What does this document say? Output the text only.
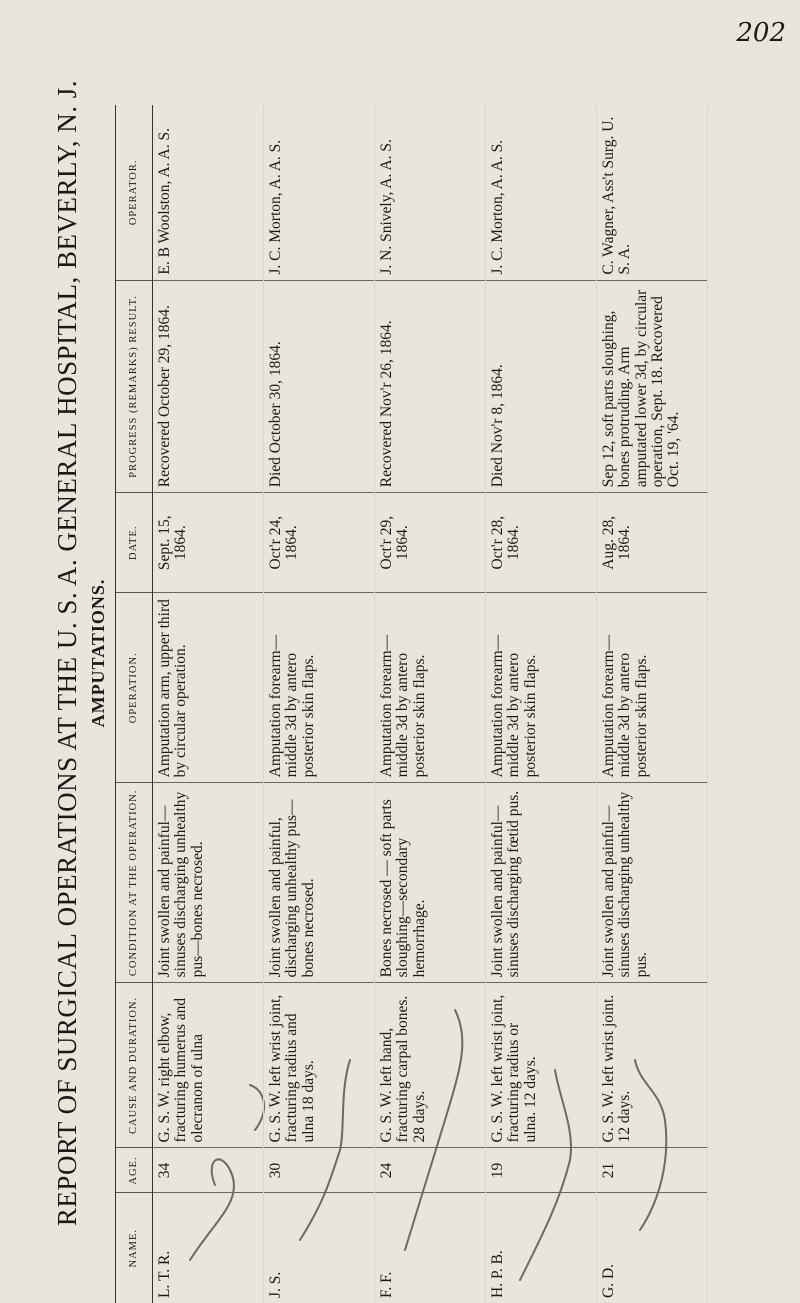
202
REPORT OF SURGICAL OPERATIONS AT THE U. S. A. GENERAL HOSPITAL, BEVERLY, N. J. AMPUTATIONS.
NAME.	AGE.	CAUSE AND DURATION.	CONDITION AT THE OPERATION.	OPERATION.	DATE.	PROGRESS (REMARKS) RESULT.	OPERATOR.
L. T. R.	34	G. S. W. right elbow, fracturing humerus and olecranon of ulna	Joint swollen and painful—sinuses discharging unhealthy pus—bones necrosed.	Amputation arm, upper third by circular operation.	Sept. 15, 1864.	Recovered October 29, 1864.	E. B Woolston, A. A. S.
J. S.	30	G. S. W. left wrist joint, fracturing radius and ulna 18 days.	Joint swollen and painful, discharging unhealthy pus—bones necrosed.	Amputation forearm—middle 3d by antero posterior skin flaps.	Oct'r 24, 1864.	Died October 30, 1864.	J. C. Morton, A. A. S.
F. F.	24	G. S. W. left hand, fracturing carpal bones. 28 days.	Bones necrosed — soft parts sloughing—secondary hemorrhage.	Amputation forearm—middle 3d by antero posterior skin flaps.	Oct'r 29, 1864.	Recovered Nov'r 26, 1864.	J. N. Snively, A. A. S.
H. P. B.	19	G. S. W. left wrist joint, fracturing radius or ulna. 12 days.	Joint swollen and painful—sinuses discharging fœtid pus.	Amputation forearm—middle 3d by antero posterior skin flaps.	Oct'r 28, 1864.	Died Nov'r 8, 1864.	J. C. Morton, A. A. S.
G. D.	21	G. S. W. left wrist joint. 12 days.	Joint swollen and painful—sinuses discharging unhealthy pus.	Amputation forearm—middle 3d by antero posterior skin flaps.	Aug. 28, 1864.	Sep 12, soft parts sloughing, bones protruding. Arm amputated lower 3d, by circular operation, Sept. 18. Recovered Oct. 19, '64.	C. Wagner, Ass't Surg. U. S. A.
